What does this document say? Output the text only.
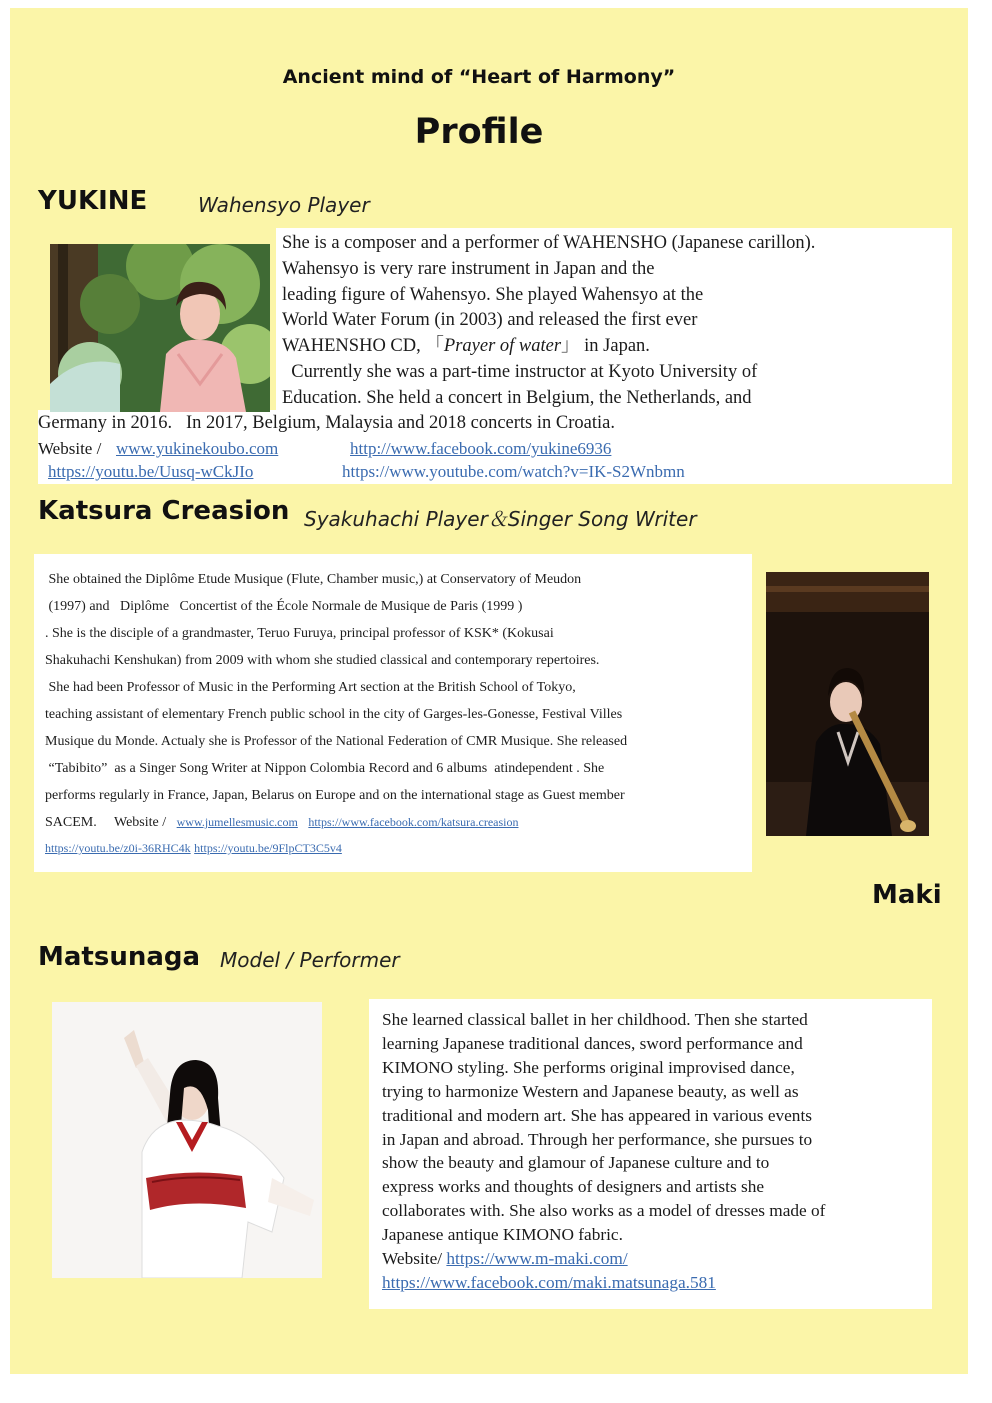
Ancient mind of “Heart of Harmony”
Profile
YUKINE	Wahensyo Player

She is a composer and a performer of WAHENSHO (Japanese carillon).

Wahensyo is very rare instrument in Japan and the

leading figure of Wahensyo. She played Wahensyo at the

World Water Forum (in 2003) and released the first ever

WAHENSHO CD, 「Prayer of water」 in Japan.

Currently she was a part-time instructor at Kyoto University of

Education. She held a concert in Belgium, the Netherlands, and

Germany in 2016.   In 2017, Belgium, Malaysia and 2018 concerts in Croatia.

Website / www.yukinekoubo.com	http://www.facebook.com/yukine6936
https://youtu.be/Uusq-wCkJIo	https://www.youtube.com/watch?v=IK-S2Wnbmn
Katsura Creasion Syakuhachi Player＆Singer Song Writer

She obtained the Diplôme Etude Musique (Flute, Chamber music,) at Conservatory of Meudon

(1997) and   Diplôme   Concertist of the École Normale de Musique de Paris (1999 )

. She is the disciple of a grandmaster, Teruo Furuya, principal professor of KSK* (Kokusai

Shakuhachi Kenshukan) from 2009 with whom she studied classical and contemporary repertoires.

She had been Professor of Music in the Performing Art section at the British School of Tokyo,

teaching assistant of elementary French public school in the city of Garges-les-Gonesse, Festival Villes

Musique du Monde. Actualy she is Professor of the National Federation of CMR Musique. She released

“Tabibito”  as a Singer Song Writer at Nippon Colombia Record and 6 albums  atindependent . She

performs regularly in France, Japan, Belarus on Europe and on the international stage as Guest member

SACEM.     Website / www.jumellesmusic.com https://www.facebook.com/katsura.creasion

https://youtu.be/z0i-36RHC4k https://youtu.be/9FlpCT3C5v4

Maki
Matsunaga Model / Performer

She learned classical ballet in her childhood. Then she started

learning Japanese traditional dances, sword performance and

KIMONO styling. She performs original improvised dance,

trying to harmonize Western and Japanese beauty, as well as

traditional and modern art. She has appeared in various events

in Japan and abroad. Through her performance, she pursues to

show the beauty and glamour of Japanese culture and to

express works and thoughts of designers and artists she

collaborates with. She also works as a model of dresses made of

Japanese antique KIMONO fabric.

Website/ https://www.m-maki.com/

https://www.facebook.com/maki.matsunaga.581
